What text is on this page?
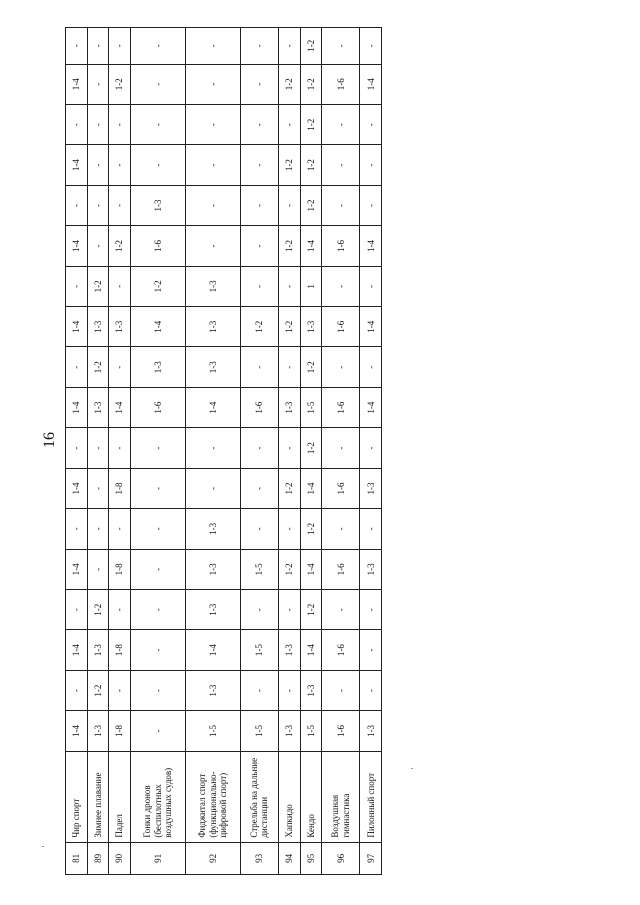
16
81	Чир спорт	1-4	-	1-4	-	1-4	-	1-4	-	1-4	-	1-4	-	1-4	-	1-4	-	1-4	-
89	Зимнее плавание	1-3	1-2	1-3	1-2	-	-	-	-	1-3	1-2	1-3	1-2	-	-	-	-	-	-
90	Падел	1-8	-	1-8	-	1-8	-	1-8	-	1-4	-	1-3	-	1-2	-	-	-	1-2	-
91	Гонки дронов (беспилотных воздушных судов)	-	-	-	-	-	-	-	-	1-6	1-3	1-4	1-2	1-6	1-3	-	-	-	-
92	Фиджитал спорт (функционально-цифровой спорт)	1-5	1-3	1-4	1-3	1-3	1-3	-	-	1-4	1-3	1-3	1-3	-	-	-	-	-	-
93	Стрельба на дальние дистанции	1-5	-	1-5	-	1-5	-	-	-	1-6	-	1-2	-	-	-	-	-	-	-
94	Хапкидо	1-3	-	1-3	-	1-2	-	1-2	-	1-3	-	1-2	-	1-2	-	1-2	-	1-2	-
95	Кендо	1-5	1-3	1-4	1-2	1-4	1-2	1-4	1-2	1-5	1-2	1-3	1	1-4	1-2	1-2	1-2	1-2	1-2
96	Воздушная гимнастика	1-6	-	1-6	-	1-6	-	1-6	-	1-6	-	1-6	-	1-6	-	-	-	1-6	-
97	Пилонный спорт	1-3	-	-	-	1-3	-	1-3	-	1-4	-	1-4	-	1-4	-	-	-	1-4	-
